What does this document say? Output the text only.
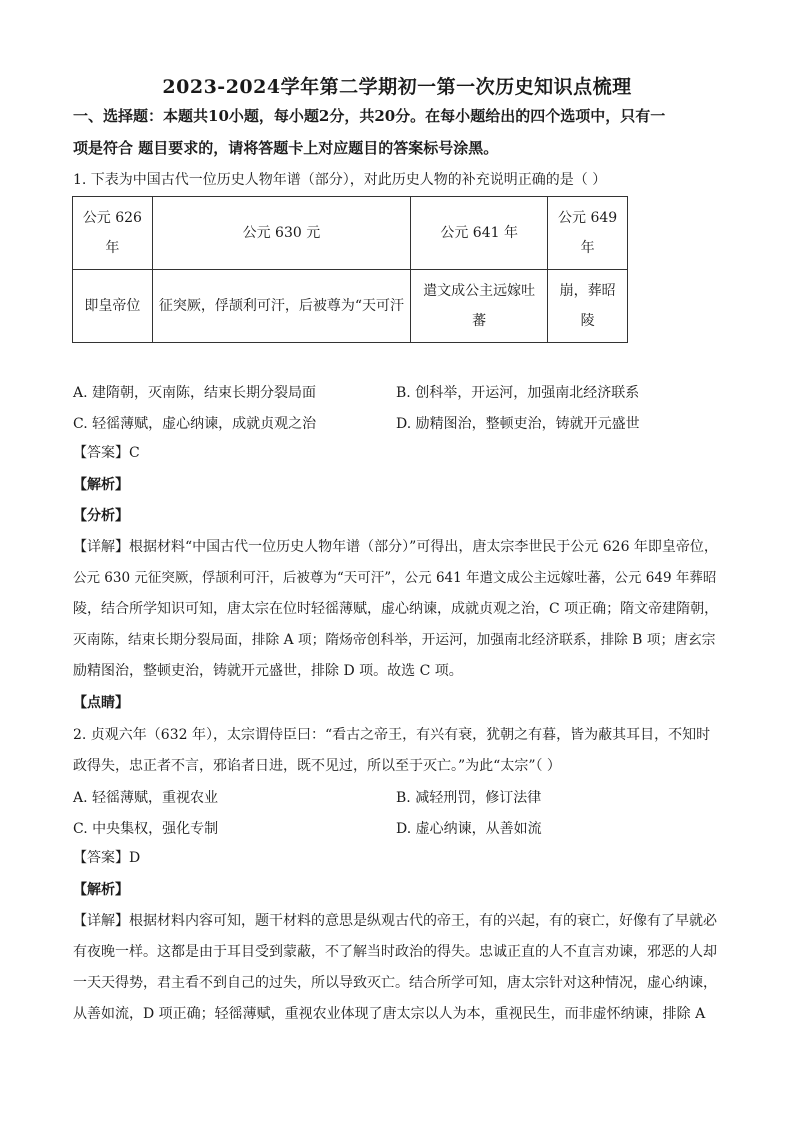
2023-2024学年第二学期初一第一次历史知识点梳理
一、选择题：本题共10小题，每小题2分，共20分。在每小题给出的四个选项中，只有一
项是符合 题目要求的，请将答题卡上对应题目的答案标号涂黑。
1. 下表为中国古代一位历史人物年谱（部分），对此历史人物的补充说明正确的是（ ）
公元 626 年	公元 630 元	公元 641 年	公元 649 年
即皇帝位	征突厥，俘颉利可汗，后被尊为“天可汗	遣文成公主远嫁吐蕃	崩，葬昭陵
A. 建隋朝，灭南陈，结束长期分裂局面	B. 创科举，开运河，加强南北经济联系
C. 轻徭薄赋，虚心纳谏，成就贞观之治	D. 励精图治，整顿吏治，铸就开元盛世
【答案】C
【解析】
【分析】
【详解】根据材料“中国古代一位历史人物年谱（部分）”可得出，唐太宗李世民于公元 626 年即皇帝位，
公元 630 元征突厥，俘颉利可汗，后被尊为“天可汗”，公元 641 年遣文成公主远嫁吐蕃，公元 649 年葬昭
陵，结合所学知识可知，唐太宗在位时轻徭薄赋，虚心纳谏，成就贞观之治，C 项正确；隋文帝建隋朝，
灭南陈，结束长期分裂局面，排除 A 项；隋炀帝创科举，开运河，加强南北经济联系，排除 B 项；唐玄宗
励精图治，整顿吏治，铸就开元盛世，排除 D 项。故选 C 项。
【点睛】
2. 贞观六年（632 年），太宗谓侍臣曰：“看古之帝王，有兴有衰，犹朝之有暮，皆为蔽其耳目，不知时
政得失，忠正者不言，邪谄者日进，既不见过，所以至于灭亡。”为此“太宗”（ ）
A. 轻徭薄赋，重视农业	B. 减轻刑罚，修订法律
C. 中央集权，强化专制	D. 虚心纳谏，从善如流
【答案】D
【解析】
【详解】根据材料内容可知，题干材料的意思是纵观古代的帝王，有的兴起，有的衰亡，好像有了早就必
有夜晚一样。这都是由于耳目受到蒙蔽，不了解当时政治的得失。忠诚正直的人不直言劝谏，邪恶的人却
一天天得势，君主看不到自己的过失，所以导致灭亡。结合所学可知，唐太宗针对这种情况，虚心纳谏，
从善如流，D 项正确；轻徭薄赋，重视农业体现了唐太宗以人为本，重视民生，而非虚怀纳谏，排除 A
